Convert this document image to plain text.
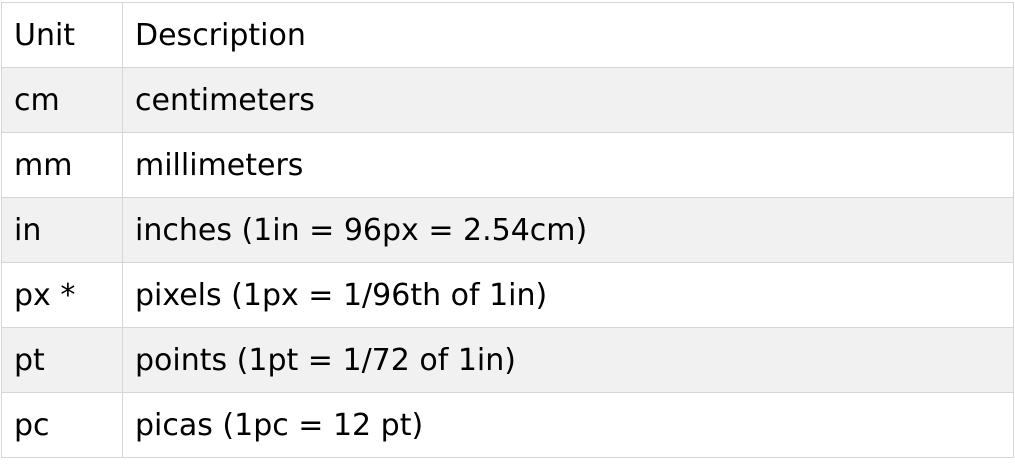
Unit	Description
cm	centimeters
mm	millimeters
in	inches (1in = 96px = 2.54cm)
px *	pixels (1px = 1/96th of 1in)
pt	points (1pt = 1/72 of 1in)
pc	picas (1pc = 12 pt)
